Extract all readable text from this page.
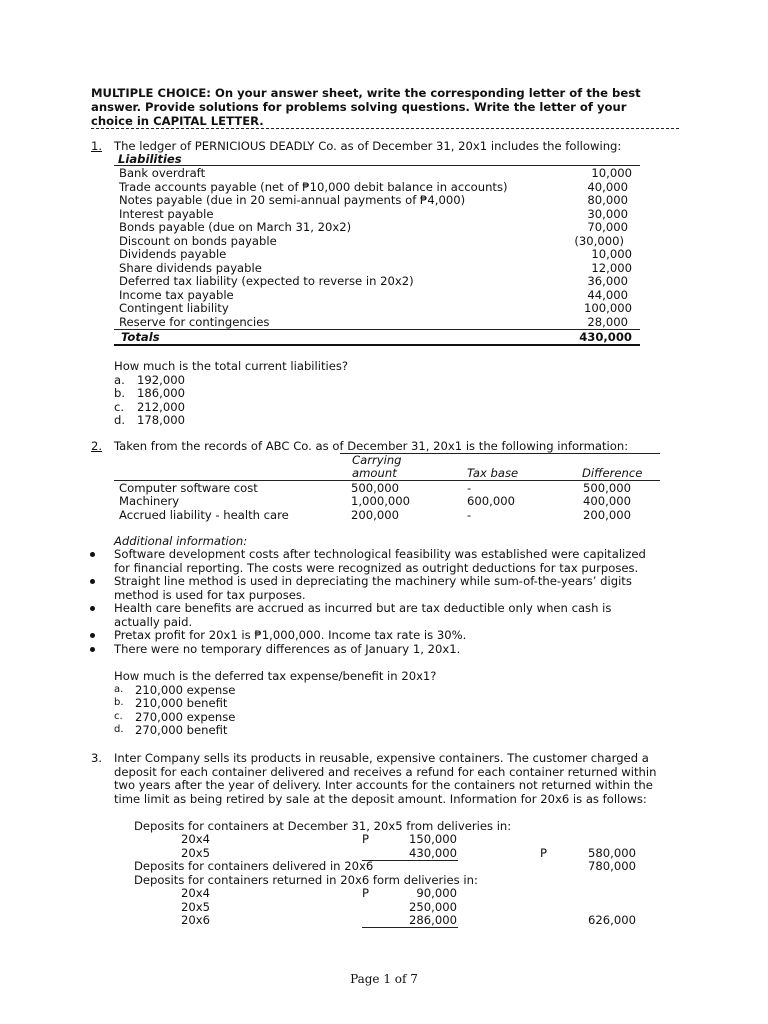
MULTIPLE CHOICE: On your answer sheet, write the corresponding letter of the best
answer. Provide solutions for problems solving questions. Write the letter of your
choice in CAPITAL LETTER.
1. The ledger of PERNICIOUS DEADLY Co. as of December 31, 20x1 includes the following:
Liabilities
Bank overdraft	10,000
Trade accounts payable (net of ₱10,000 debit balance in accounts)	40,000
Notes payable (due in 20 semi-annual payments of ₱4,000)	80,000
Interest payable	30,000
Bonds payable (due on March 31, 20x2)	70,000
Discount on bonds payable	(30,000)
Dividends payable	10,000
Share dividends payable	12,000
Deferred tax liability (expected to reverse in 20x2)	36,000
Income tax payable	44,000
Contingent liability	100,000
Reserve for contingencies	28,000
Totals	430,000
How much is the total current liabilities?
a. 192,000
b. 186,000
c. 212,000
d. 178,000
2. Taken from the records of ABC Co. as of December 31, 20x1 is the following information:
Carrying
amount	Tax base	Difference
Computer software cost	500,000	-	500,000
Machinery	1,000,000	600,000	400,000
Accrued liability - health care	200,000	-	200,000
Additional information:
Software development costs after technological feasibility was established were capitalized
for financial reporting. The costs were recognized as outright deductions for tax purposes.
Straight line method is used in depreciating the machinery while sum-of-the-years’ digits
method is used for tax purposes.
Health care benefits are accrued as incurred but are tax deductible only when cash is
actually paid.
Pretax profit for 20x1 is ₱1,000,000. Income tax rate is 30%.
There were no temporary differences as of January 1, 20x1.
How much is the deferred tax expense/benefit in 20x1?
a. 210,000 expense
b. 210,000 benefit
c. 270,000 expense
d. 270,000 benefit
3. Inter Company sells its products in reusable, expensive containers. The customer charged a
deposit for each container delivered and receives a refund for each container returned within
two years after the year of delivery. Inter accounts for the containers not returned within the
time limit as being retired by sale at the deposit amount. Information for 20x6 is as follows:
Deposits for containers at December 31, 20x5 from deliveries in:
20x4	P	150,000
20x5	430,000	P	580,000
Deposits for containers delivered in 20x6	780,000
Deposits for containers returned in 20x6 form deliveries in:
20x4	P	90,000
20x5	250,000
20x6	286,000	626,000
Page 1 of 7
